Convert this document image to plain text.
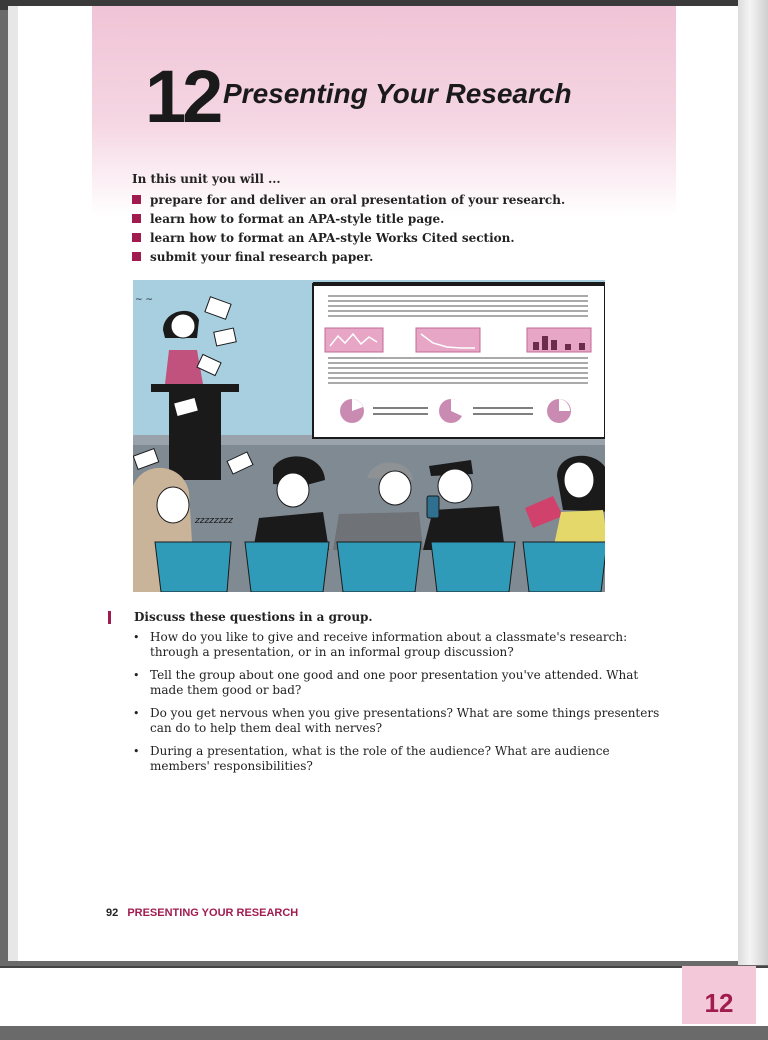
12 Presenting Your Research

In this unit you will ...

prepare for and deliver an oral presentation of your research.
learn how to format an APA-style title page.
learn how to format an APA-style Works Cited section.
submit your final research paper.
~ ~
zzzzzzzz
Discuss these questions in a group.
• How do you like to give and receive information about a classmate's research: through a presentation, or in an informal group discussion?
• Tell the group about one good and one poor presentation you've attended. What made them good or bad?
• Do you get nervous when you give presentations? What are some things presenters can do to help them deal with nerves?
• During a presentation, what is the role of the audience? What are audience members' responsibilities?
92 PRESENTING YOUR RESEARCH
12
